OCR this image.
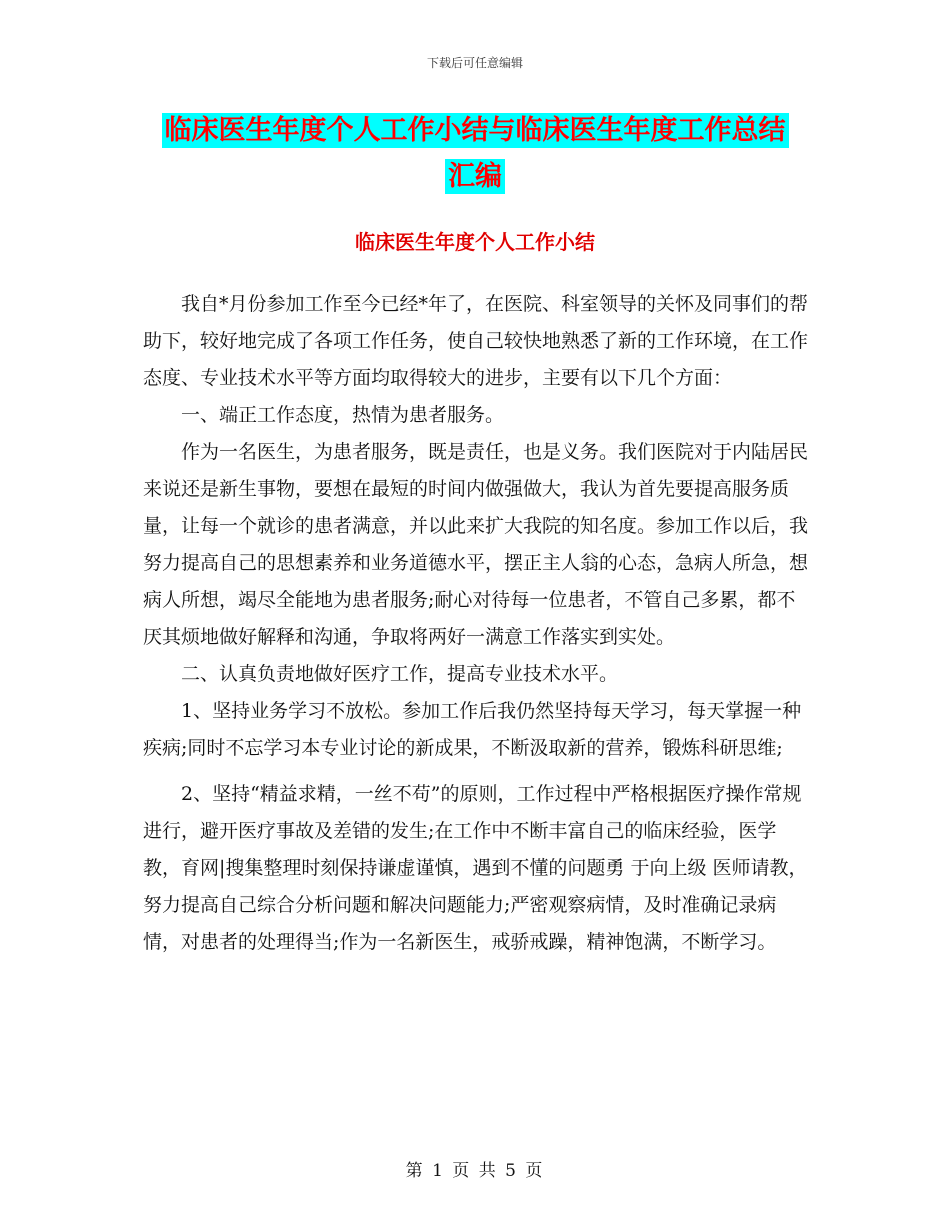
下载后可任意编辑
临床医生年度个人工作小结与临床医生年度工作总结
汇编
临床医生年度个人工作小结

我自*月份参加工作至今已经*年了，在医院、科室领导的关怀及同事们的帮助下，较好地完成了各项工作任务，使自己较快地熟悉了新的工作环境，在工作态度、专业技术水平等方面均取得较大的进步，主要有以下几个方面：

一、端正工作态度，热情为患者服务。

作为一名医生，为患者服务，既是责任，也是义务。我们医院对于内陆居民来说还是新生事物，要想在最短的时间内做强做大，我认为首先要提高服务质量，让每一个就诊的患者满意，并以此来扩大我院的知名度。参加工作以后，我努力提高自己的思想素养和业务道德水平，摆正主人翁的心态，急病人所急，想病人所想，竭尽全能地为患者服务;耐心对待每一位患者，不管自己多累，都不厌其烦地做好解释和沟通，争取将两好一满意工作落实到实处。

二、认真负责地做好医疗工作，提高专业技术水平。

1、坚持业务学习不放松。参加工作后我仍然坚持每天学习，每天掌握一种疾病;同时不忘学习本专业讨论的新成果，不断汲取新的营养，锻炼科研思维;

2、坚持“精益求精，一丝不苟”的原则，工作过程中严格根据医疗操作常规进行，避开医疗事故及差错的发生;在工作中不断丰富自己的临床经验，医学教，育网|搜集整理时刻保持谦虚谨慎，遇到不懂的问题勇 于向上级 医师请教，努力提高自己综合分析问题和解决问题能力;严密观察病情，及时准确记录病情，对患者的处理得当;作为一名新医生，戒骄戒躁，精神饱满，不断学习。

第 1 页 共 5 页
